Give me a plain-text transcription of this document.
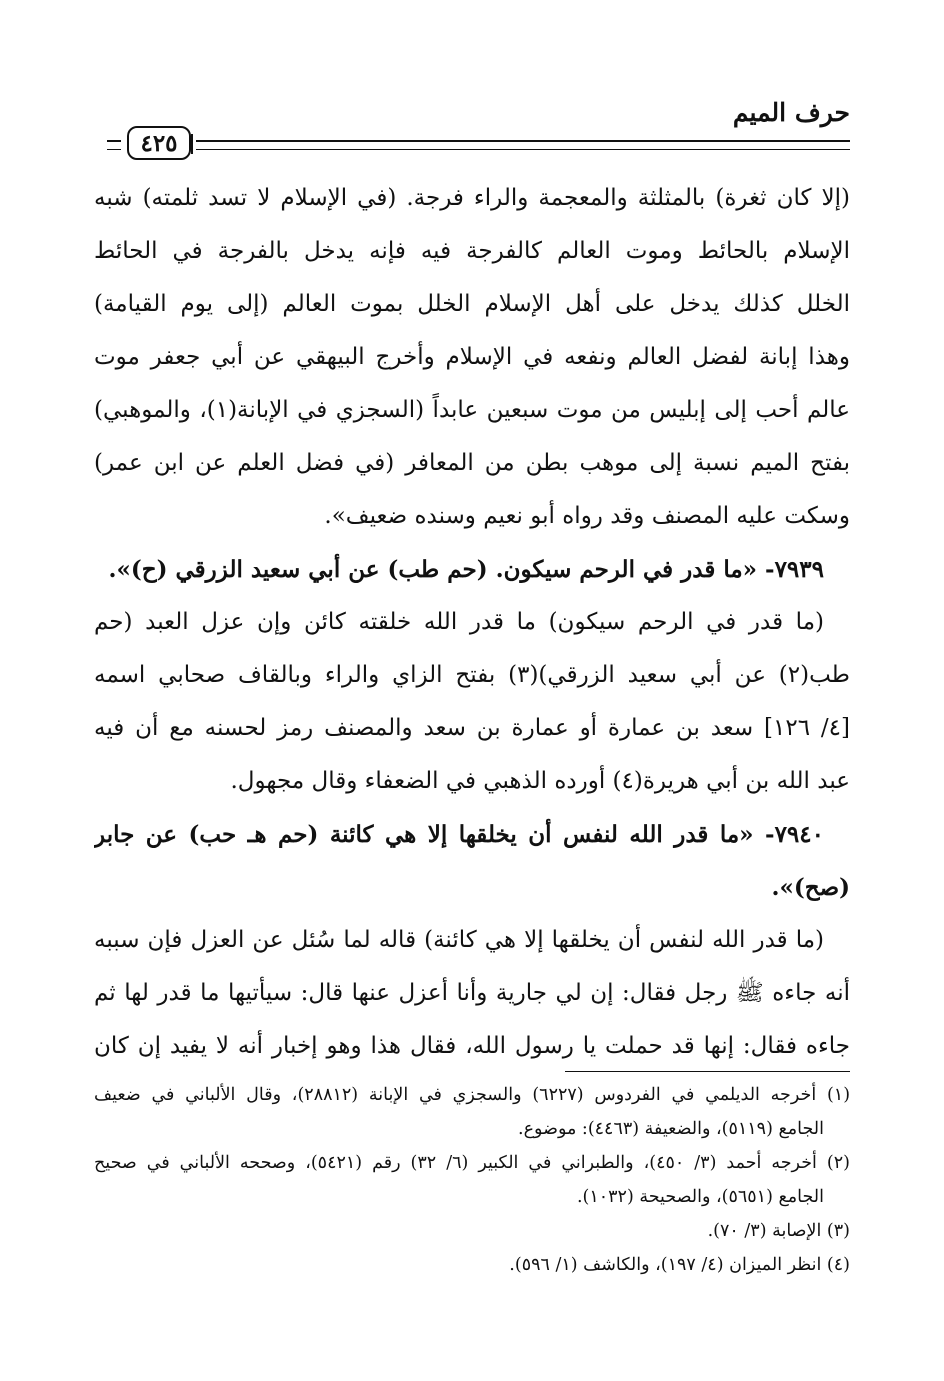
حرف الميم
٤٢٥
(إلا كان ثغرة) بالمثلثة والمعجمة والراء فرجة. (في الإسلام لا تسد ثلمته) شبه
الإسلام بالحائط وموت العالم كالفرجة فيه فإنه يدخل بالفرجة في الحائط
الخلل كذلك يدخل على أهل الإسلام الخلل بموت العالم (إلى يوم القيامة)
وهذا إبانة لفضل العالم ونفعه في الإسلام وأخرج البيهقي عن أبي جعفر موت
عالم أحب إلى إبليس من موت سبعين عابداً (السجزي في الإبانة(١)، والموهبي)
بفتح الميم نسبة إلى موهب بطن من المعافر (في فضل العلم عن ابن عمر)
وسكت عليه المصنف وقد رواه أبو نعيم وسنده ضعيف».
٧٩٣٩- «ما قدر في الرحم سيكون. (حم طب) عن أبي سعيد الزرقي (ح)».
(ما قدر في الرحم سيكون) ما قدر الله خلقته كائن وإن عزل العبد (حم
طب(٢) عن أبي سعيد الزرقي)(٣) بفتح الزاي والراء وبالقاف صحابي اسمه
[٤/ ١٢٦] سعد بن عمارة أو عمارة بن سعد والمصنف رمز لحسنه مع أن فيه
عبد الله بن أبي هريرة(٤) أورده الذهبي في الضعفاء وقال مجهول.
٧٩٤٠- «ما قدر الله لنفس أن يخلقها إلا هي كائنة (حم هـ حب) عن جابر
(صح)».
(ما قدر الله لنفس أن يخلقها إلا هي كائنة) قاله لما سُئل عن العزل فإن سببه
أنه جاءه ﷺ رجل فقال: إن لي جارية وأنا أعزل عنها قال: سيأتيها ما قدر لها ثم
جاءه فقال: إنها قد حملت يا رسول الله، فقال هذا وهو إخبار أنه لا يفيد إن كان
(١) أخرجه الديلمي في الفردوس (٦٢٢٧) والسجزي في الإبانة (٢٨٨١٢)، وقال الألباني في ضعيف
الجامع (٥١١٩)، والضعيفة (٤٤٦٣): موضوع.
(٢) أخرجه أحمد (٣/ ٤٥٠)، والطبراني في الكبير (٦/ ٣٢) رقم (٥٤٢١)، وصححه الألباني في صحيح
الجامع (٥٦٥١)، والصحيحة (١٠٣٢).
(٣) الإصابة (٣/ ٧٠).
(٤) انظر الميزان (٤/ ١٩٧)، والكاشف (١/ ٥٩٦).
